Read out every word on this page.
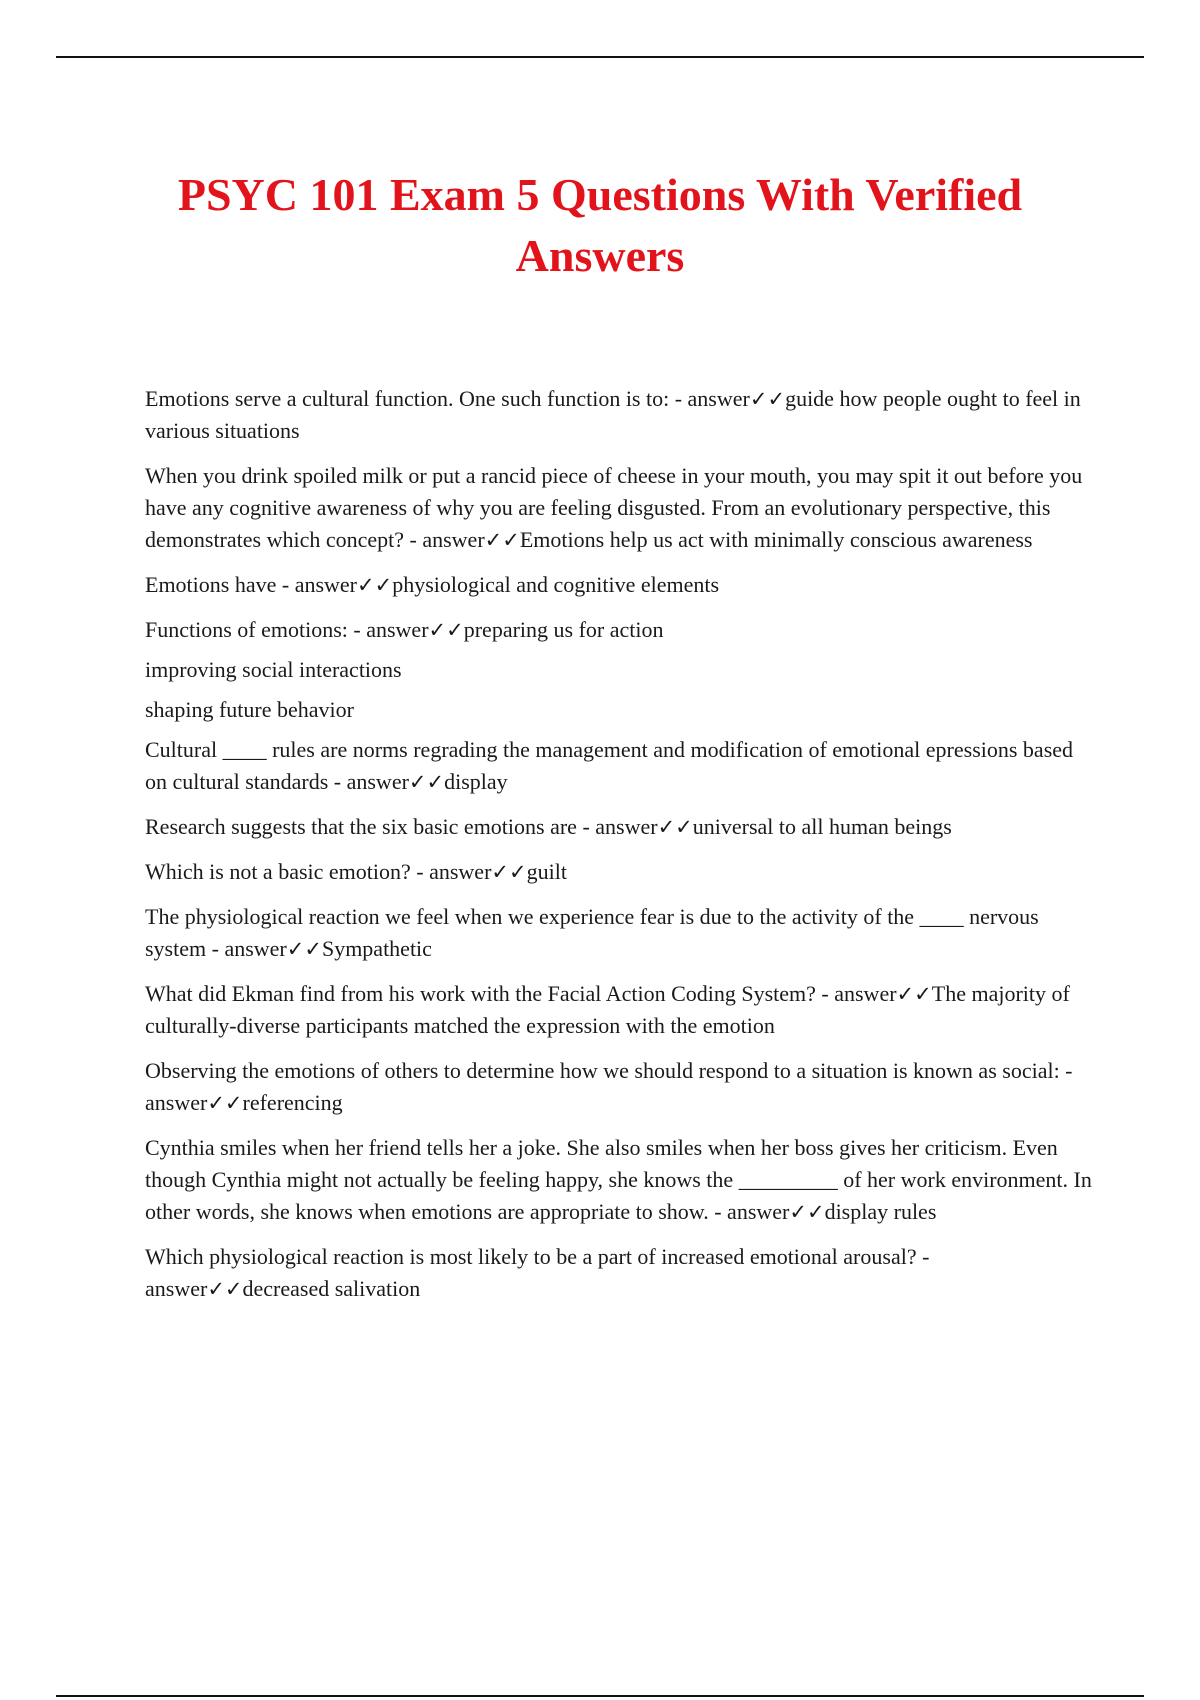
PSYC 101 Exam 5 Questions With Verified Answers

Emotions serve a cultural function. One such function is to: - answer✓✓guide how people ought to feel in various situations

When you drink spoiled milk or put a rancid piece of cheese in your mouth, you may spit it out before you have any cognitive awareness of why you are feeling disgusted. From an evolutionary perspective, this demonstrates which concept? - answer✓✓Emotions help us act with minimally conscious awareness

Emotions have - answer✓✓physiological and cognitive elements

Functions of emotions: - answer✓✓preparing us for action

improving social interactions

shaping future behavior

Cultural ____ rules are norms regrading the management and modification of emotional epressions based on cultural standards - answer✓✓display

Research suggests that the six basic emotions are - answer✓✓universal to all human beings

Which is not a basic emotion? - answer✓✓guilt

The physiological reaction we feel when we experience fear is due to the activity of the ____ nervous system - answer✓✓Sympathetic

What did Ekman find from his work with the Facial Action Coding System? - answer✓✓The majority of culturally-diverse participants matched the expression with the emotion

Observing the emotions of others to determine how we should respond to a situation is known as social: - answer✓✓referencing

Cynthia smiles when her friend tells her a joke. She also smiles when her boss gives her criticism. Even though Cynthia might not actually be feeling happy, she knows the _________ of her work environment. In other words, she knows when emotions are appropriate to show. - answer✓✓display rules

Which physiological reaction is most likely to be a part of increased emotional arousal? - answer✓✓decreased salivation
